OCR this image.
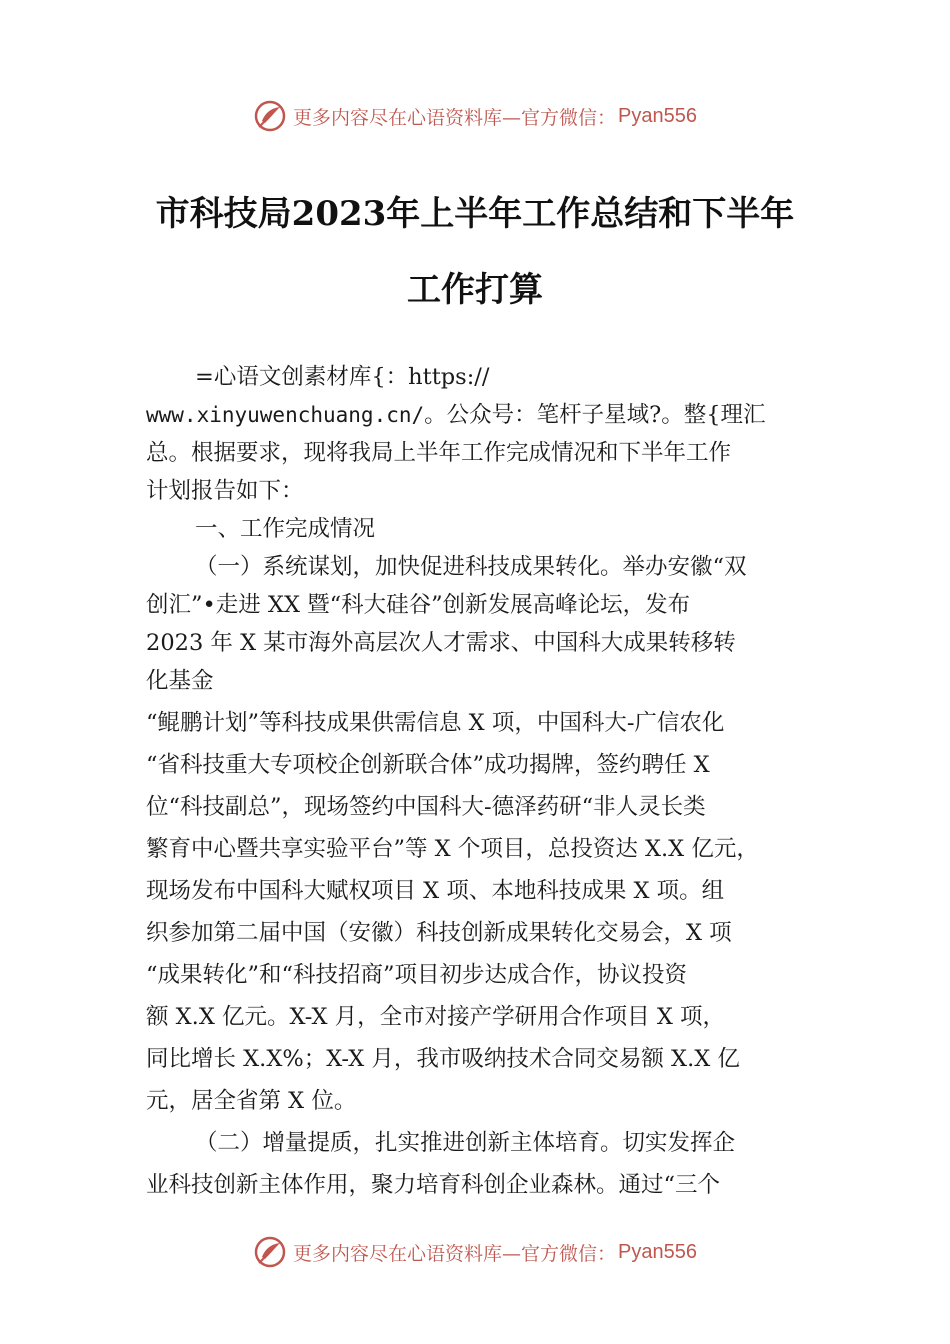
更多内容尽在心语资料库—官方微信： Pyan556
市科技局2023年上半年工作总结和下半年
工作打算
=心语文创素材库{：https://
www.xinyuwenchuang.cn/。公众号：笔杆子星域?。整{理汇
总。根据要求，现将我局上半年工作完成情况和下半年工作
计划报告如下：
一、工作完成情况
（一）系统谋划，加快促进科技成果转化。举办安徽“双
创汇”•走进 XX 暨“科大硅谷”创新发展高峰论坛，发布
2023 年 X 某市海外高层次人才需求、中国科大成果转移转
化基金
“鲲鹏计划”等科技成果供需信息 X 项，中国科大-广信农化
“省科技重大专项校企创新联合体”成功揭牌，签约聘任 X
位“科技副总”，现场签约中国科大-德泽药研“非人灵长类
繁育中心暨共享实验平台”等 X 个项目，总投资达 X.X 亿元，
现场发布中国科大赋权项目 X 项、本地科技成果 X 项。组
织参加第二届中国（安徽）科技创新成果转化交易会，X 项
“成果转化”和“科技招商”项目初步达成合作，协议投资
额 X.X 亿元。X-X 月，全市对接产学研用合作项目 X 项，
同比增长 X.X%；X-X 月，我市吸纳技术合同交易额 X.X 亿
元，居全省第 X 位。
（二）增量提质，扎实推进创新主体培育。切实发挥企
业科技创新主体作用，聚力培育科创企业森林。通过“三个
更多内容尽在心语资料库—官方微信： Pyan556
